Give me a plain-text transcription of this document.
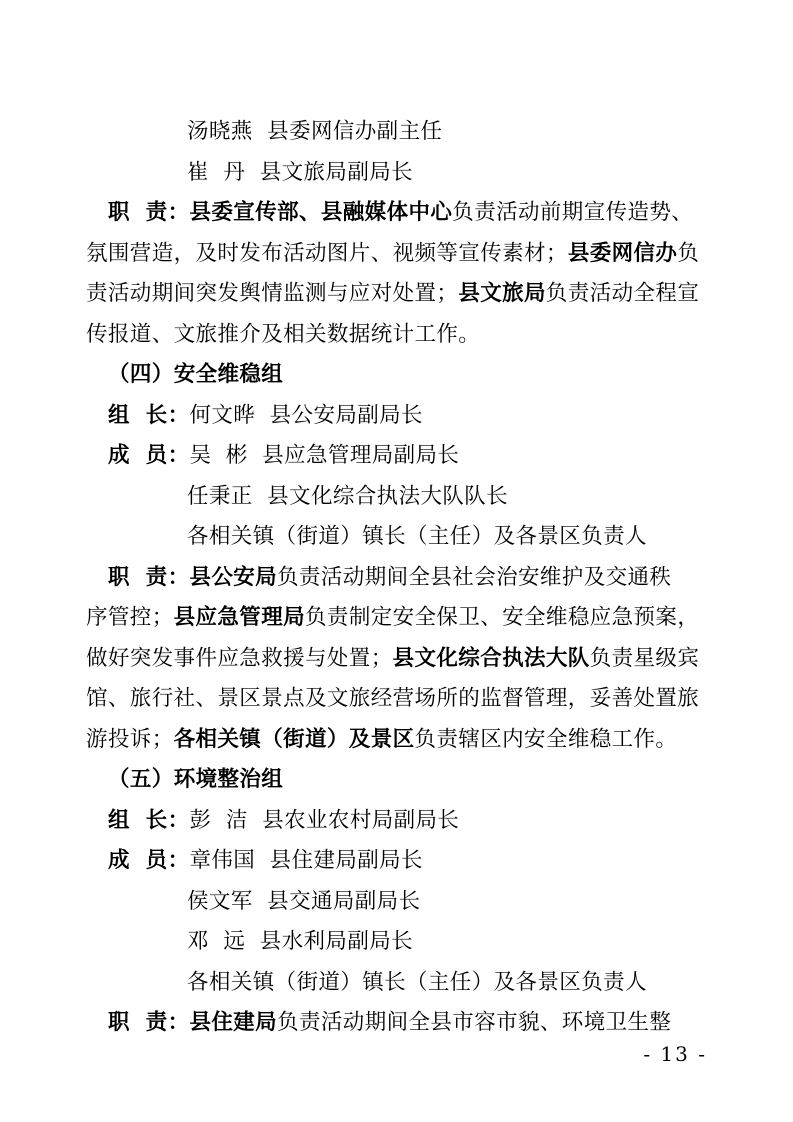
汤晓燕  县委网信办副主任
崔  丹  县文旅局副局长
职  责：县委宣传部、县融媒体中心负责活动前期宣传造势、
氛围营造，及时发布活动图片、视频等宣传素材；县委网信办负
责活动期间突发舆情监测与应对处置；县文旅局负责活动全程宣
传报道、文旅推介及相关数据统计工作。
（四）安全维稳组
组  长：何文晔  县公安局副局长
成  员：吴  彬  县应急管理局副局长
任秉正  县文化综合执法大队队长
各相关镇（街道）镇长（主任）及各景区负责人
职  责：县公安局负责活动期间全县社会治安维护及交通秩
序管控；县应急管理局负责制定安全保卫、安全维稳应急预案，
做好突发事件应急救援与处置；县文化综合执法大队负责星级宾
馆、旅行社、景区景点及文旅经营场所的监督管理，妥善处置旅
游投诉；各相关镇（街道）及景区负责辖区内安全维稳工作。
（五）环境整治组
组  长：彭  洁  县农业农村局副局长
成  员：章伟国  县住建局副局长
侯文军  县交通局副局长
邓  远  县水利局副局长
各相关镇（街道）镇长（主任）及各景区负责人
职  责：县住建局负责活动期间全县市容市貌、环境卫生整
- 13 -
